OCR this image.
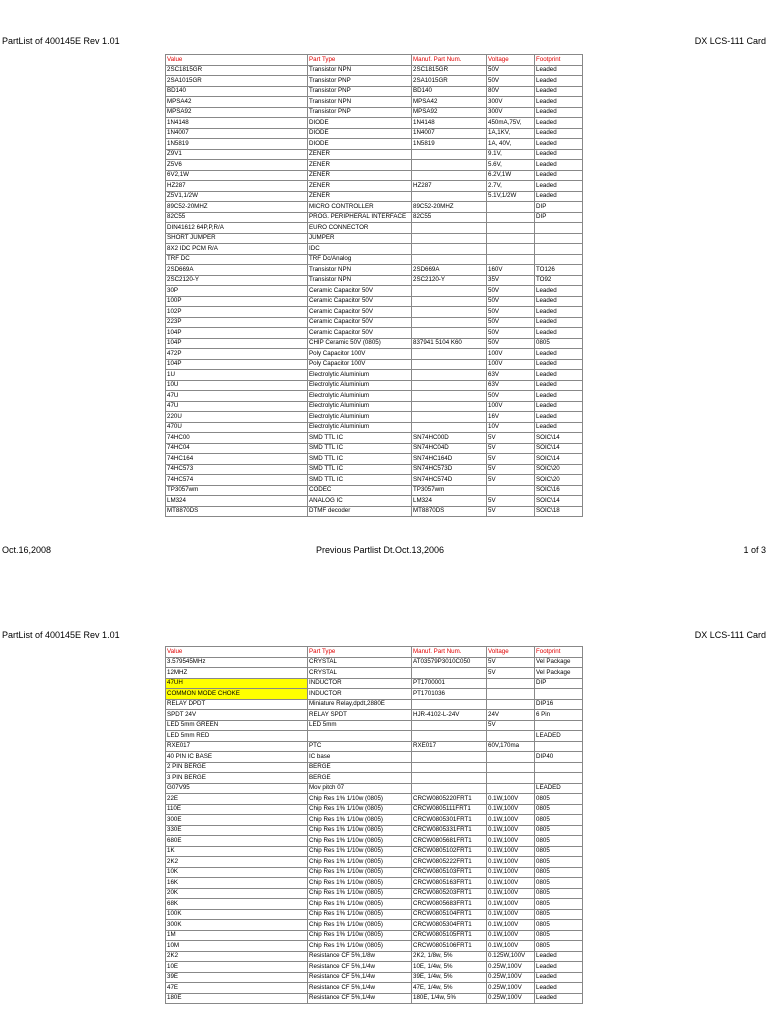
PartList of 400145E Rev 1.01	DX LCS-111 Card
Value	Part Type	Manuf. Part Num.	Voltage	Footprint
2SC1815GR	Transistor NPN	2SC1815GR	50V	Leaded
2SA1015GR	Transistor PNP	2SA1015GR	50V	Leaded
BD140	Transistor PNP	BD140	80V	Leaded
MPSA42	Transistor NPN	MPSA42	300V	Leaded
MPSA92	Transistor PNP	MPSA92	300V	Leaded
1N4148	DIODE	1N4148	450mA,75V,	Leaded
1N4007	DIODE	1N4007	1A,1KV,	Leaded
1N5819	DIODE	1N5819	1A, 40V,	Leaded
Z9V1	ZENER		9.1V,	Leaded
Z5V6	ZENER		5.6V,	Leaded
6V2,1W	ZENER		6.2V,1W	Leaded
HZ287	ZENER	HZ287	2.7V,	Leaded
Z5V1,1/2W	ZENER		5.1V,1/2W	Leaded
89C52-20MHZ	MICRO CONTROLLER	89C52-20MHZ		DIP
82C55	PROG. PERIPHERAL INTERFACE	82C55		DIP
DIN41612 64P,P,R/A	EURO CONNECTOR			
SHORT JUMPER	JUMPER			
8X2 IDC PCM R/A	IDC			
TRF DC	TRF Dc/Analog			
2SD669A	Transistor NPN	2SD669A	160V	TO126
2SC2120-Y	Transistor NPN	2SC2120-Y	35V	TO92
30P	Ceramic Capacitor 50V		50V	Leaded
100P	Ceramic Capacitor 50V		50V	Leaded
102P	Ceramic Capacitor 50V		50V	Leaded
223P	Ceramic Capacitor 50V		50V	Leaded
104P	Ceramic Capacitor 50V		50V	Leaded
104P	CHIP Ceramic 50V (0805)	837941 5104 K60	50V	0805
472P	Poly Capacitor 100V		100V	Leaded
104P	Poly Capacitor 100V		100V	Leaded
1U	Electrolytic Aluminium		63V	Leaded
10U	Electrolytic Aluminium		63V	Leaded
47U	Electrolytic Aluminium		50V	Leaded
47U	Electrolytic Aluminium		100V	Leaded
220U	Electrolytic Aluminium		16V	Leaded
470U	Electrolytic Aluminium		10V	Leaded
74HC00	SMD TTL IC	SN74HC00D	5V	SOIC\14
74HC04	SMD TTL IC	SN74HC04D	5V	SOIC\14
74HC164	SMD TTL IC	SN74HC164D	5V	SOIC\14
74HC573	SMD TTL IC	SN74HC573D	5V	SOIC\20
74HC574	SMD TTL IC	SN74HC574D	5V	SOIC\20
TP3057wm	CODEC	TP3057wm		SOIC\16
LM324	ANALOG IC	LM324	5V	SOIC\14
MT8870DS	DTMF decoder	MT8870DS	5V	SOIC\18
Oct.16,2008	Previous Partlist Dt.Oct.13,2006	1 of 3
PartList of 400145E Rev 1.01	DX LCS-111 Card
Value	Part Type	Manuf. Part Num.	Voltage	Footprint
3.579545MHz	CRYSTAL	AT03579P3010C050	5V	Vel Package
12MHZ	CRYSTAL		5V	Vel Package
47UH	INDUCTOR	PT1700001		DIP
COMMON MODE CHOKE	INDUCTOR	PT1701036		
RELAY DPDT	Miniature Relay,dpdt,2880E			DIP16
SPDT 24V	RELAY SPDT	HJR-4102-L-24V	24V	6 Pin
LED 5mm GREEN	LED 5mm		5V	
LED 5mm RED				LEADED
RXE017	PTC	RXE017	60V,170ma	
40 PIN IC BASE	IC base			DIP40
2 PIN BERGE	BERGE			
3 PIN BERGE	BERGE			
G07V95	Mov pitch 07			LEADED
22E	Chip Res 1% 1/10w (0805)	CRCW0805220FRT1	0.1W,100V	0805
110E	Chip Res 1% 1/10w (0805)	CRCW0805111FRT1	0.1W,100V	0805
300E	Chip Res 1% 1/10w (0805)	CRCW0805301FRT1	0.1W,100V	0805
330E	Chip Res 1% 1/10w (0805)	CRCW0805331FRT1	0.1W,100V	0805
680E	Chip Res 1% 1/10w (0805)	CRCW0805681FRT1	0.1W,100V	0805
1K	Chip Res 1% 1/10w (0805)	CRCW0805102FRT1	0.1W,100V	0805
2K2	Chip Res 1% 1/10w (0805)	CRCW0805222FRT1	0.1W,100V	0805
10K	Chip Res 1% 1/10w (0805)	CRCW0805103FRT1	0.1W,100V	0805
16K	Chip Res 1% 1/10w (0805)	CRCW0805163FRT1	0.1W,100V	0805
20K	Chip Res 1% 1/10w (0805)	CRCW0805203FRT1	0.1W,100V	0805
68K	Chip Res 1% 1/10w (0805)	CRCW0805683FRT1	0.1W,100V	0805
100K	Chip Res 1% 1/10w (0805)	CRCW0805104FRT1	0.1W,100V	0805
300K	Chip Res 1% 1/10w (0805)	CRCW0805304FRT1	0.1W,100V	0805
1M	Chip Res 1% 1/10w (0805)	CRCW0805105FRT1	0.1W,100V	0805
10M	Chip Res 1% 1/10w (0805)	CRCW0805106FRT1	0.1W,100V	0805
2K2	Resistance CF 5%,1/8w	2K2, 1/8w, 5%	0.125W,100V	Leaded
10E	Resistance CF 5%,1/4w	10E, 1/4w, 5%	0.25W,100V	Leaded
39E	Resistance CF 5%,1/4w	39E, 1/4w, 5%	0.25W,100V	Leaded
47E	Resistance CF 5%,1/4w	47E, 1/4w, 5%	0.25W,100V	Leaded
180E	Resistance CF 5%,1/4w	180E, 1/4w, 5%	0.25W,100V	Leaded
